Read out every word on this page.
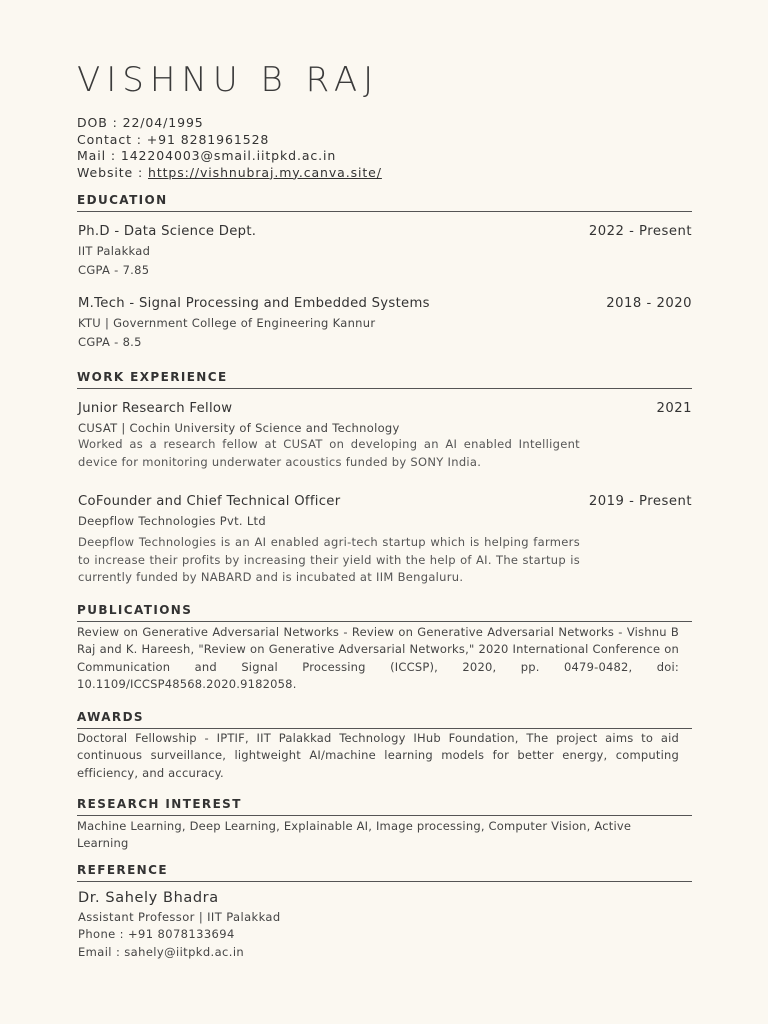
VISHNU B RAJ
DOB : 22/04/1995
Contact : +91 8281961528
Mail : 142204003@smail.iitpkd.ac.in
Website : https://vishnubraj.my.canva.site/
EDUCATION
Ph.D - Data Science Dept.	2022 - Present
IIT Palakkad
CGPA - 7.85
M.Tech - Signal Processing and Embedded Systems	2018 - 2020
KTU | Government College of Engineering Kannur
CGPA - 8.5
WORK EXPERIENCE
Junior Research Fellow	2021
CUSAT | Cochin University of Science and Technology
Worked as a research fellow at CUSAT on developing an AI enabled Intelligent device for monitoring underwater acoustics funded by SONY India.
CoFounder and Chief Technical Officer	2019 - Present
Deepflow Technologies Pvt. Ltd
Deepflow Technologies is an AI enabled agri-tech startup which is helping farmers to increase their profits by increasing their yield with the help of AI. The startup is currently funded by NABARD and is incubated at IIM Bengaluru.
PUBLICATIONS
Review on Generative Adversarial Networks - Review on Generative Adversarial Networks - Vishnu B Raj and K. Hareesh, "Review on Generative Adversarial Networks," 2020 International Conference on Communication and Signal Processing (ICCSP), 2020, pp. 0479-0482, doi: 10.1109/ICCSP48568.2020.9182058.
AWARDS
Doctoral Fellowship - IPTIF, IIT Palakkad Technology IHub Foundation, The project aims to aid continuous surveillance, lightweight AI/machine learning models for better energy, computing efficiency, and accuracy.
RESEARCH INTEREST
Machine Learning, Deep Learning, Explainable AI, Image processing, Computer Vision, Active Learning
REFERENCE
Dr. Sahely Bhadra
Assistant Professor | IIT Palakkad
Phone : +91 8078133694
Email : sahely@iitpkd.ac.in
